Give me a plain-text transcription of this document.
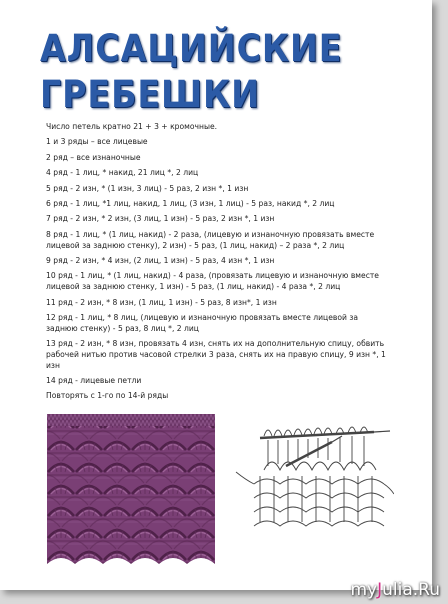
АЛСАЦИЙСКИЕ
ГРЕБЕШКИ

Число петель кратно 21 + 3 + кромочные.

1 и 3 ряды – все лицевые

2 ряд – все изнаночные

4 ряд - 1 лиц, * накид, 21 лиц *, 2 лиц

5 ряд - 2 изн, * (1 изн, 3 лиц) - 5 раз, 2 изн *, 1 изн

6 ряд - 1 лиц, *1 лиц, накид, 1 лиц, (3 изн, 1 лиц) - 5 раз, накид *, 2 лиц

7 ряд - 2 изн, * 2 изн, (3 лиц, 1 изн) - 5 раз, 2 изн *, 1 изн

8 ряд - 1 лиц, * (1 лиц, накид) - 2 раза, (лицевую и изнаночную провязать вместе лицевой за заднюю стенку), 2 изн) - 5 раз, (1 лиц, накид) – 2 раза *, 2 лиц

9 ряд - 2 изн, * 4 изн, (2 лиц, 1 изн) - 5 раз, 4 изн *, 1 изн

10 ряд - 1 лиц, * (1 лиц, накид) - 4 раза, (провязать лицевую и изнаночную вместе лицевой за заднюю стенку, 1 изн) - 5 раз, (1 лиц, накид) - 4 раза *, 2 лиц

11 ряд - 2 изн, * 8 изн, (1 лиц, 1 изн) - 5 раз, 8 изн*, 1 изн

12 ряд - 1 лиц, * 8 лиц, (лицевую и изнаночную провязать вместе лицевой за заднюю стенку) - 5 раз, 8 лиц *, 2 лиц

13 ряд - 2 изн, * 8 изн, провязать 4 изн, снять их на дополнительную спицу, обвить рабочей нитью против часовой стрелки 3 раза, снять их на правую спицу, 9 изн *, 1 изн

14 ряд - лицевые петли

Повторять с 1-го по 14-й ряды

myJulia.Ru
